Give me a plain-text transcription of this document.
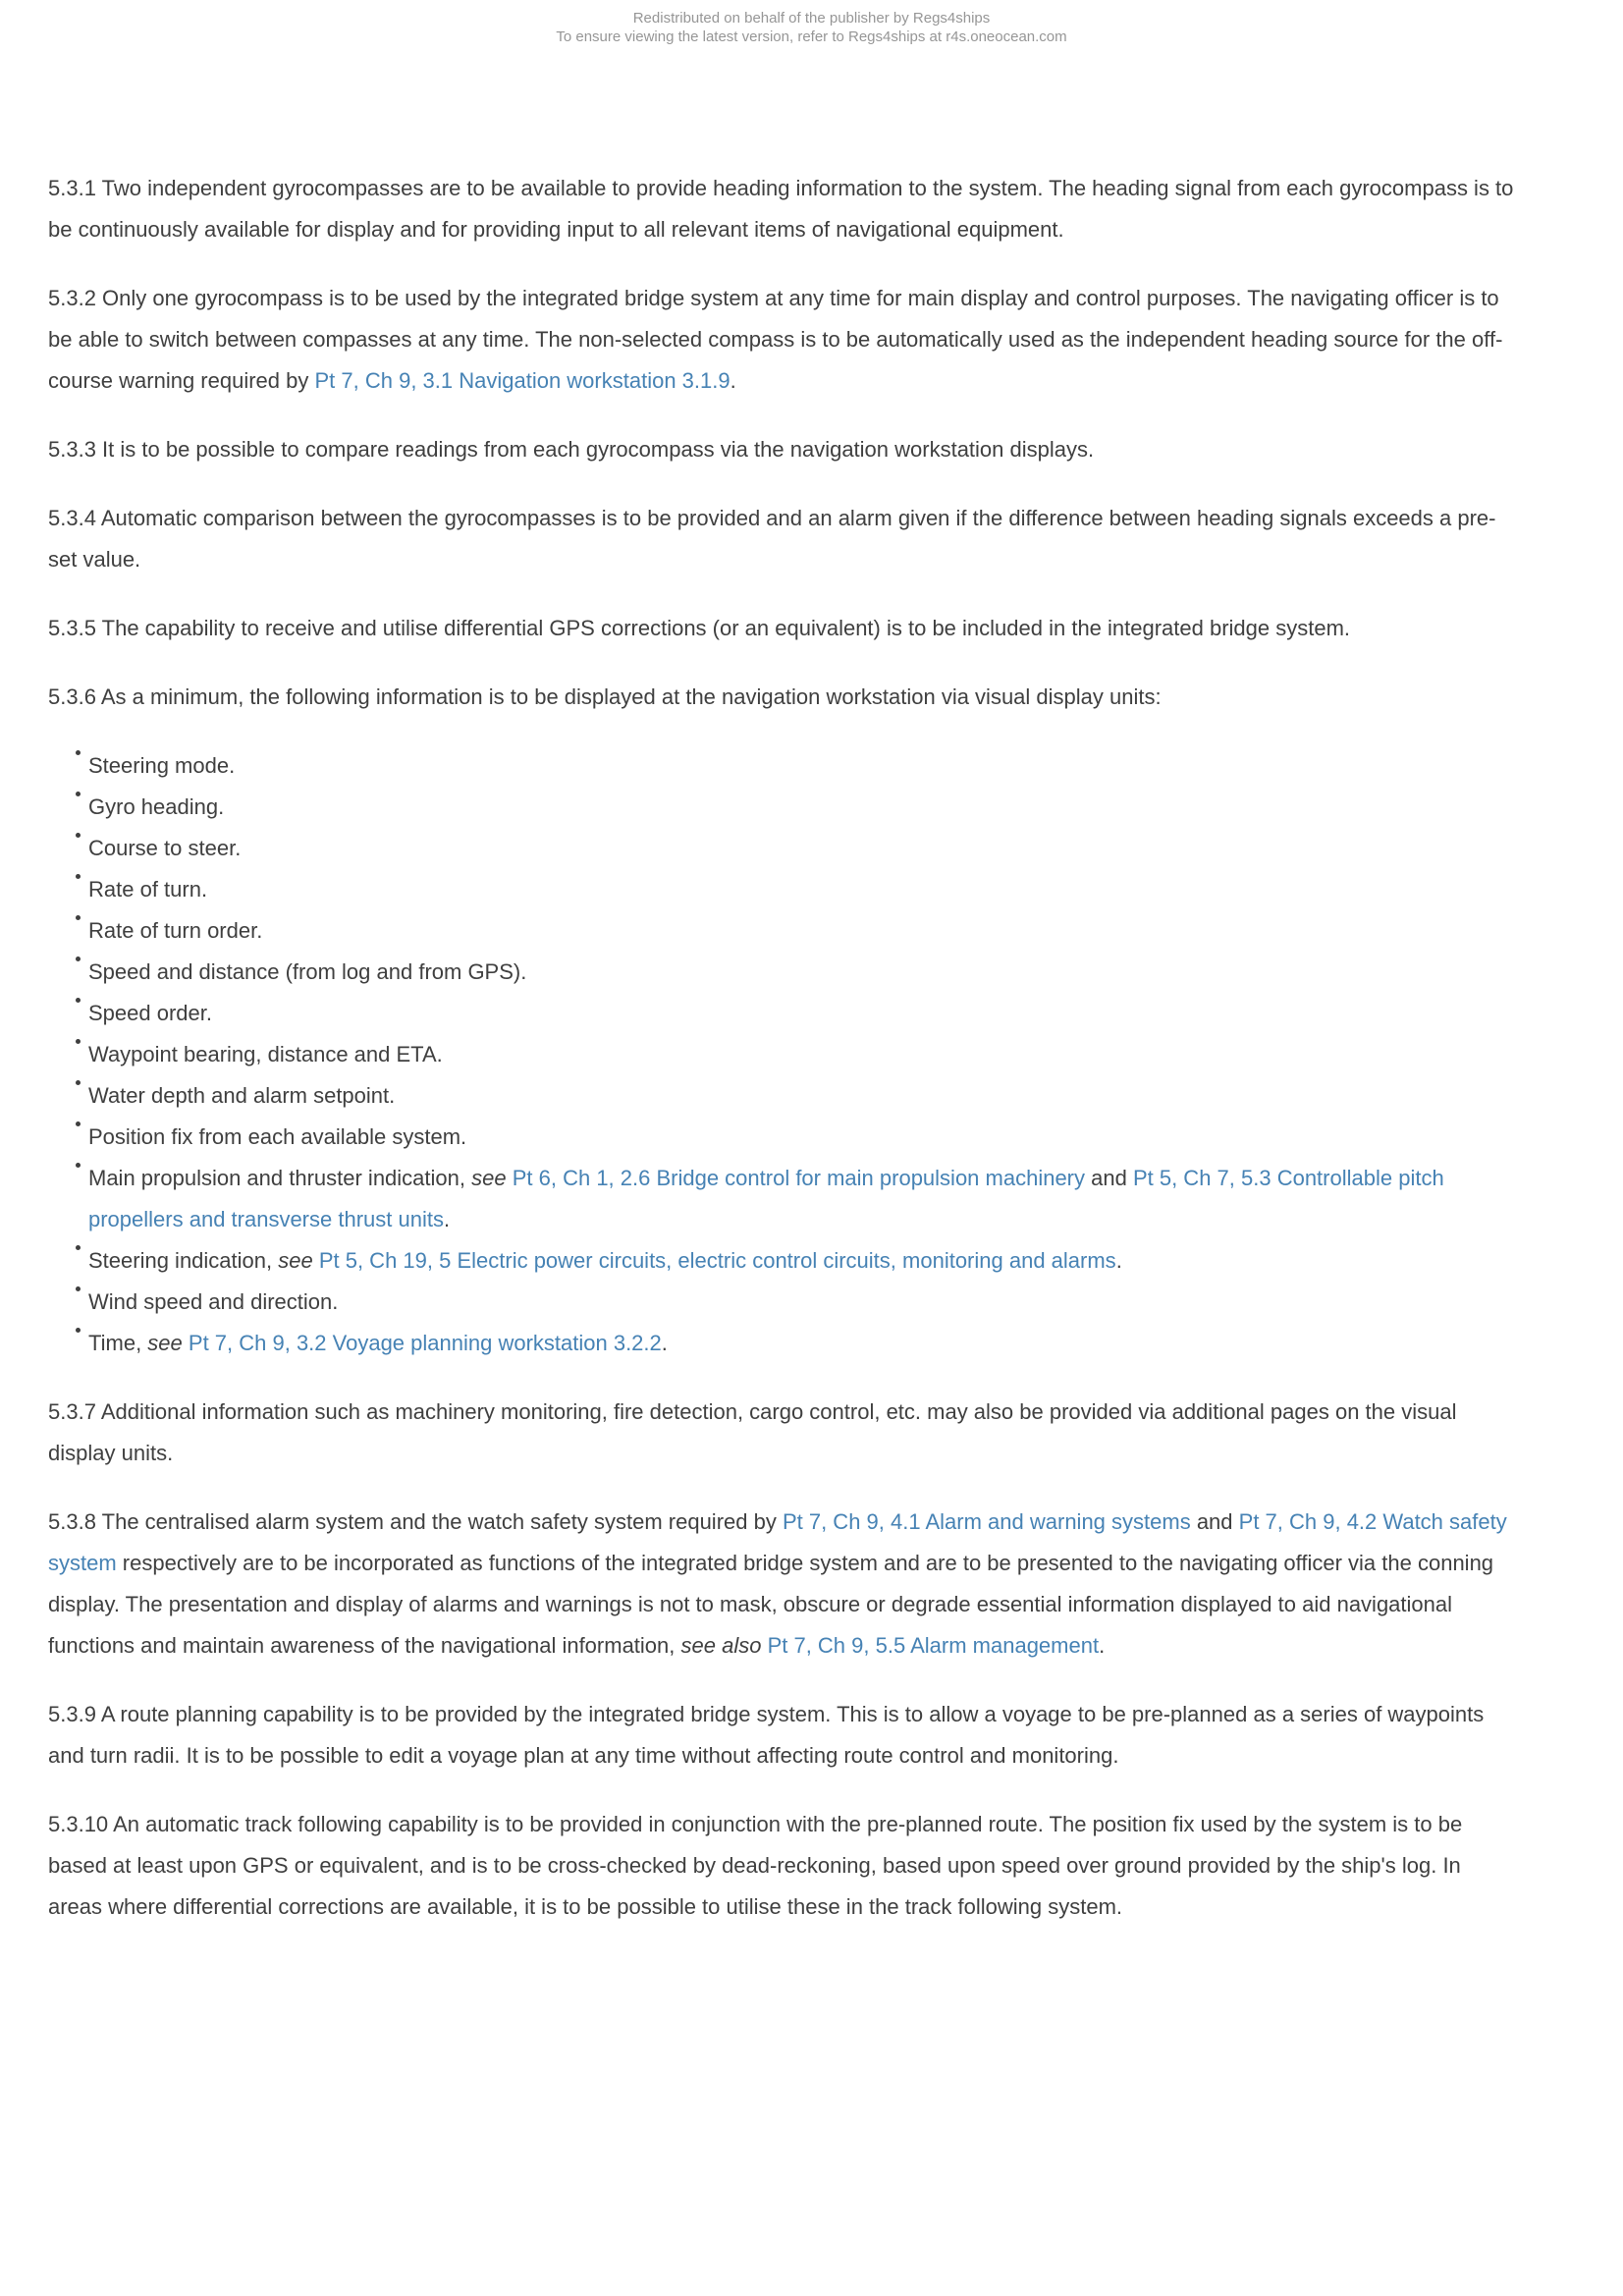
Redistributed on behalf of the publisher by Regs4ships
To ensure viewing the latest version, refer to Regs4ships at r4s.oneocean.com

5.3.1 Two independent gyrocompasses are to be available to provide heading information to the system. The heading signal from each gyrocompass is to be continuously available for display and for providing input to all relevant items of navigational equipment.

5.3.2 Only one gyrocompass is to be used by the integrated bridge system at any time for main display and control purposes. The navigating officer is to be able to switch between compasses at any time. The non-selected compass is to be automatically used as the independent heading source for the off-course warning required by Pt 7, Ch 9, 3.1 Navigation workstation 3.1.9.

5.3.3 It is to be possible to compare readings from each gyrocompass via the navigation workstation displays.

5.3.4 Automatic comparison between the gyrocompasses is to be provided and an alarm given if the difference between heading signals exceeds a pre-set value.

5.3.5 The capability to receive and utilise differential GPS corrections (or an equivalent) is to be included in the integrated bridge system.

5.3.6 As a minimum, the following information is to be displayed at the navigation workstation via visual display units:

Steering mode.
Gyro heading.
Course to steer.
Rate of turn.
Rate of turn order.
Speed and distance (from log and from GPS).
Speed order.
Waypoint bearing, distance and ETA.
Water depth and alarm setpoint.
Position fix from each available system.
Main propulsion and thruster indication, see Pt 6, Ch 1, 2.6 Bridge control for main propulsion machinery and Pt 5, Ch 7, 5.3 Controllable pitch propellers and transverse thrust units.
Steering indication, see Pt 5, Ch 19, 5 Electric power circuits, electric control circuits, monitoring and alarms.
Wind speed and direction.
Time, see Pt 7, Ch 9, 3.2 Voyage planning workstation 3.2.2.

5.3.7 Additional information such as machinery monitoring, fire detection, cargo control, etc. may also be provided via additional pages on the visual display units.

5.3.8 The centralised alarm system and the watch safety system required by Pt 7, Ch 9, 4.1 Alarm and warning systems and Pt 7, Ch 9, 4.2 Watch safety system respectively are to be incorporated as functions of the integrated bridge system and are to be presented to the navigating officer via the conning display. The presentation and display of alarms and warnings is not to mask, obscure or degrade essential information displayed to aid navigational functions and maintain awareness of the navigational information, see also Pt 7, Ch 9, 5.5 Alarm management.

5.3.9 A route planning capability is to be provided by the integrated bridge system. This is to allow a voyage to be pre-planned as a series of waypoints and turn radii. It is to be possible to edit a voyage plan at any time without affecting route control and monitoring.

5.3.10 An automatic track following capability is to be provided in conjunction with the pre-planned route. The position fix used by the system is to be based at least upon GPS or equivalent, and is to be cross-checked by dead-reckoning, based upon speed over ground provided by the ship's log. In areas where differential corrections are available, it is to be possible to utilise these in the track following system.
